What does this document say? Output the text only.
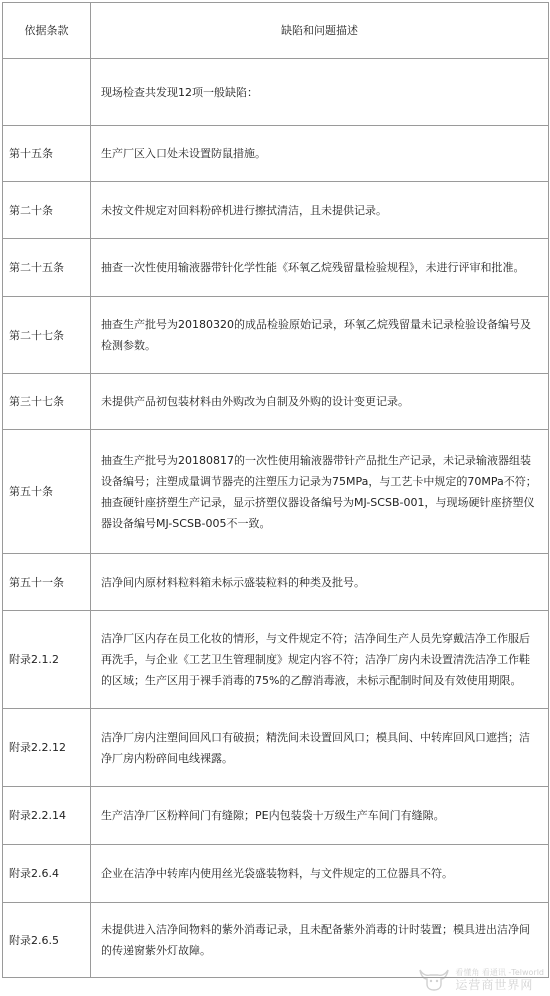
依据条款	缺陷和问题描述
	现场检查共发现12项一般缺陷：
第十五条	生产厂区入口处未设置防鼠措施。
第二十条	未按文件规定对回料粉碎机进行擦拭清洁，且未提供记录。
第二十五条	抽查一次性使用输液器带针化学性能《环氧乙烷残留量检验规程》，未进行评审和批准。
第二十七条	抽查生产批号为20180320的成品检验原始记录，环氧乙烷残留量未记录检验设备编号及检测参数。
第三十七条	未提供产品初包装材料由外购改为自制及外购的设计变更记录。
第五十条	抽查生产批号为20180817的一次性使用输液器带针产品批生产记录，未记录输液器组装设备编号；注塑成量调节器壳的注塑压力记录为75MPa，与工艺卡中规定的70MPa不符；抽查硬针座挤塑生产记录，显示挤塑仪器设备编号为MJ-SCSB-001，与现场硬针座挤塑仪器设备编号MJ-SCSB-005不一致。
第五十一条	洁净间内原材料粒料箱未标示盛装粒料的种类及批号。
附录2.1.2	洁净厂区内存在员工化妆的情形，与文件规定不符；洁净间生产人员先穿戴洁净工作服后再洗手，与企业《工艺卫生管理制度》规定内容不符；洁净厂房内未设置清洗洁净工作鞋的区域；生产区用于裸手消毒的75%的乙醇消毒液，未标示配制时间及有效使用期限。
附录2.2.12	洁净厂房内注塑间回风口有破损；精洗间未设置回风口；模具间、中转库回风口遮挡；洁净厂房内粉碎间电线裸露。
附录2.2.14	生产洁净厂区粉粹间门有缝隙；PE内包装袋十万级生产车间门有缝隙。
附录2.6.4	企业在洁净中转库内使用丝光袋盛装物料，与文件规定的工位器具不符。
附录2.6.5	未提供进入洁净间物料的紫外消毒记录，且未配备紫外消毒的计时装置；模具进出洁净间的传递窗紫外灯故障。
看懂角 看通讯 -Telworld
运营商世界网
